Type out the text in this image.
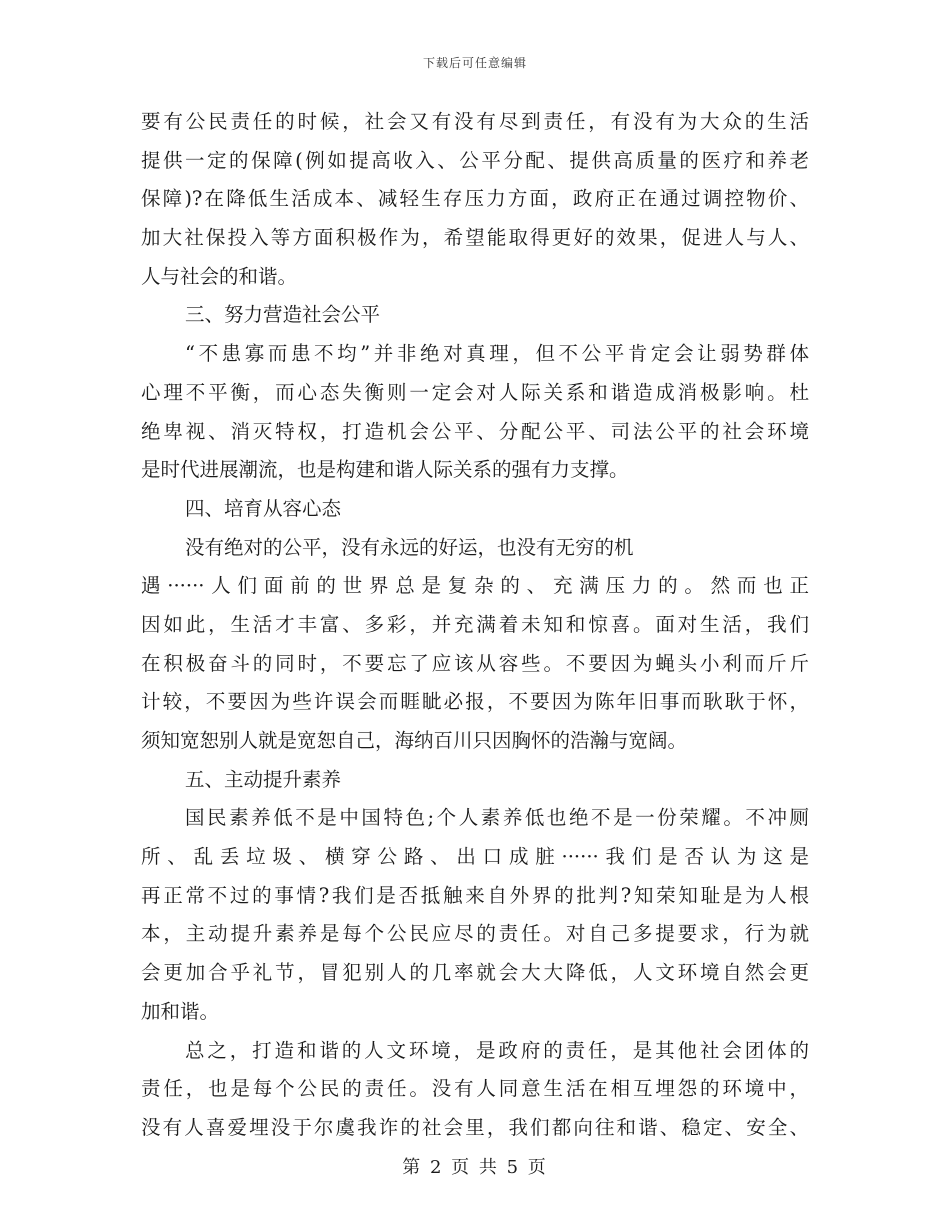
下载后可任意编辑
要有公民责任的时候，社会又有没有尽到责任，有没有为大众的生活
提供一定的保障(例如提高收入、公平分配、提供高质量的医疗和养老
保障)?在降低生活成本、减轻生存压力方面，政府正在通过调控物价、
加大社保投入等方面积极作为，希望能取得更好的效果，促进人与人、
人与社会的和谐。
三、努力营造社会公平
“不患寡而患不均”并非绝对真理，但不公平肯定会让弱势群体
心理不平衡，而心态失衡则一定会对人际关系和谐造成消极影响。杜
绝卑视、消灭特权，打造机会公平、分配公平、司法公平的社会环境
是时代进展潮流，也是构建和谐人际关系的强有力支撑。
四、培育从容心态
没有绝对的公平，没有永远的好运，也没有无穷的机
遇······人们面前的世界总是复杂的、充满压力的。然而也正
因如此，生活才丰富、多彩，并充满着未知和惊喜。面对生活，我们
在积极奋斗的同时，不要忘了应该从容些。不要因为蝇头小利而斤斤
计较，不要因为些许误会而睚眦必报，不要因为陈年旧事而耿耿于怀，
须知宽恕别人就是宽恕自己，海纳百川只因胸怀的浩瀚与宽阔。
五、主动提升素养
国民素养低不是中国特色;个人素养低也绝不是一份荣耀。不冲厕
所、乱丢垃圾、横穿公路、出口成脏······我们是否认为这是
再正常不过的事情?我们是否抵触来自外界的批判?知荣知耻是为人根
本，主动提升素养是每个公民应尽的责任。对自己多提要求，行为就
会更加合乎礼节，冒犯别人的几率就会大大降低，人文环境自然会更
加和谐。
总之，打造和谐的人文环境，是政府的责任，是其他社会团体的
责任，也是每个公民的责任。没有人同意生活在相互埋怨的环境中，
没有人喜爱埋没于尔虞我诈的社会里，我们都向往和谐、稳定、安全、
第 2 页 共 5 页
